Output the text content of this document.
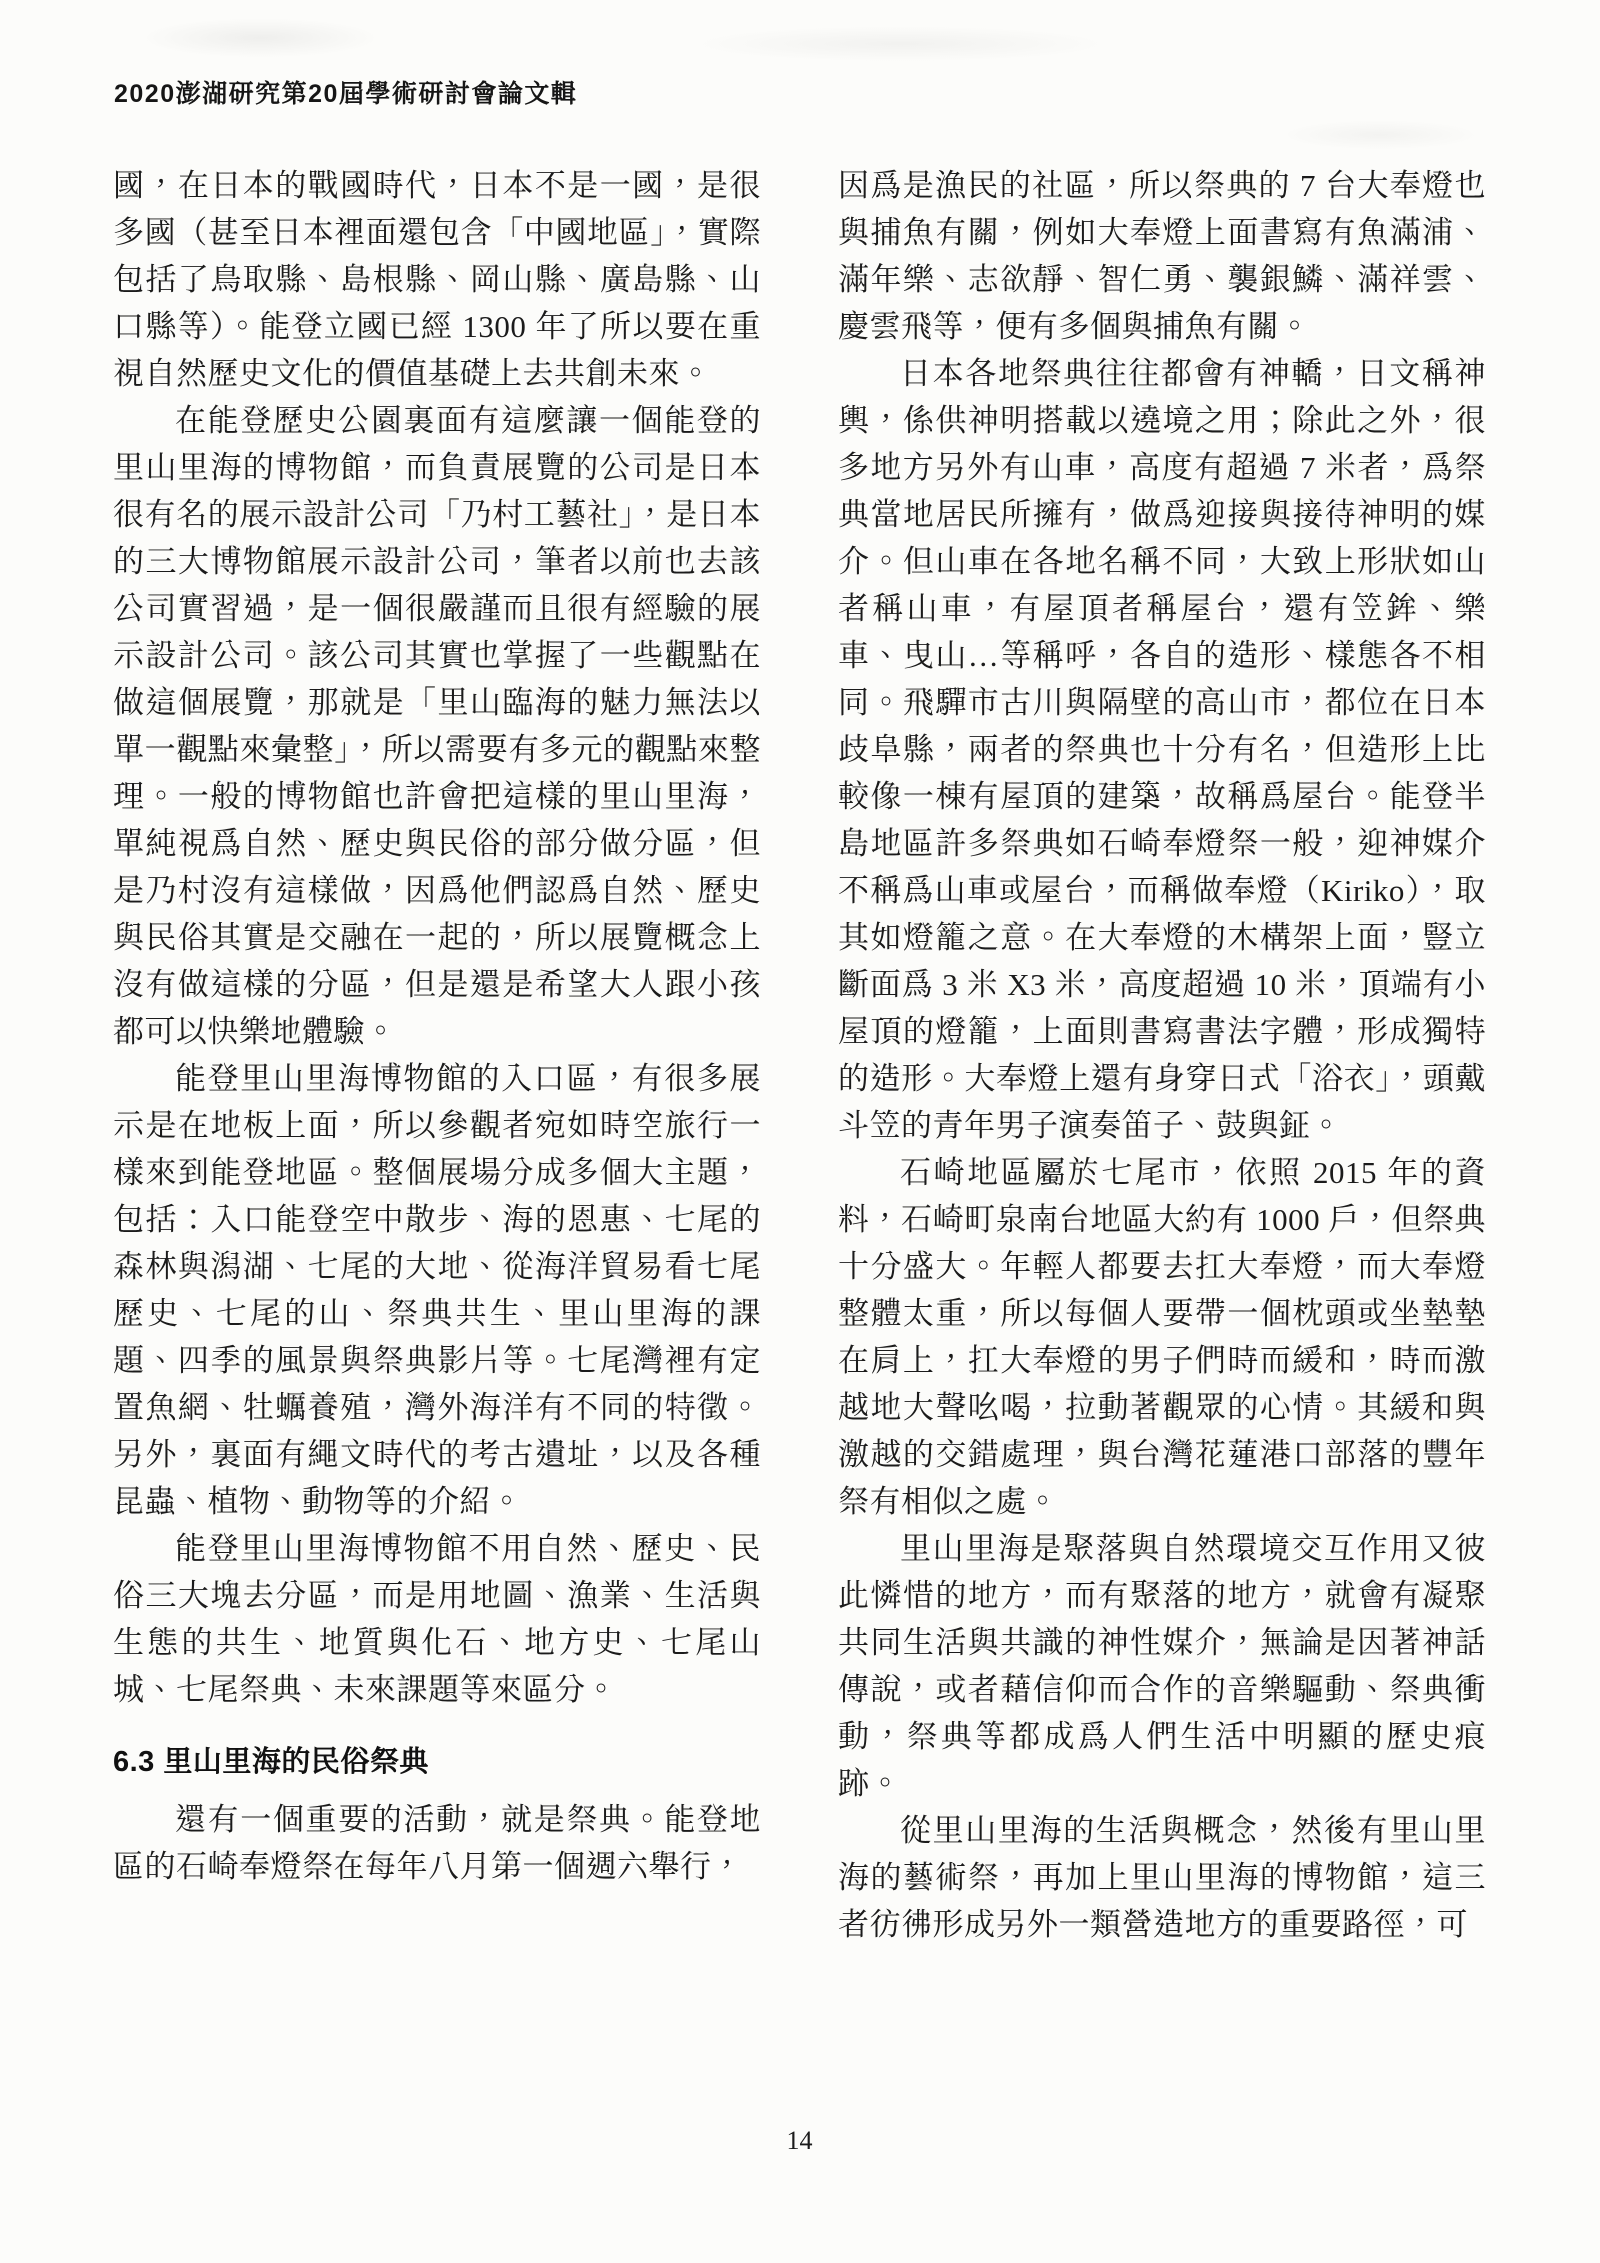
2020澎湖研究第20屆學術研討會論文輯

國，在日本的戰國時代，日本不是一國，是很多國（甚至日本裡面還包含「中國地區」，實際包括了鳥取縣、島根縣、岡山縣、廣島縣、山口縣等）。能登立國已經 1300 年了所以要在重視自然歷史文化的價值基礎上去共創未來。

在能登歷史公園裏面有這麼讓一個能登的里山里海的博物館，而負責展覽的公司是日本很有名的展示設計公司「乃村工藝社」，是日本的三大博物館展示設計公司，筆者以前也去該公司實習過，是一個很嚴謹而且很有經驗的展示設計公司。該公司其實也掌握了一些觀點在做這個展覽，那就是「里山臨海的魅力無法以單一觀點來彙整」，所以需要有多元的觀點來整理。一般的博物館也許會把這樣的里山里海，單純視爲自然、歷史與民俗的部分做分區，但是乃村沒有這樣做，因爲他們認爲自然、歷史與民俗其實是交融在一起的，所以展覽概念上沒有做這樣的分區，但是還是希望大人跟小孩都可以快樂地體驗。

能登里山里海博物館的入口區，有很多展示是在地板上面，所以參觀者宛如時空旅行一樣來到能登地區。整個展場分成多個大主題，包括：入口能登空中散步、海的恩惠、七尾的森林與潟湖、七尾的大地、從海洋貿易看七尾歷史、七尾的山、祭典共生、里山里海的課題、四季的風景與祭典影片等。七尾灣裡有定置魚網、牡蠣養殖，灣外海洋有不同的特徵。另外，裏面有繩文時代的考古遺址，以及各種昆蟲、植物、動物等的介紹。

能登里山里海博物館不用自然、歷史、民俗三大塊去分區，而是用地圖、漁業、生活與生態的共生、地質與化石、地方史、七尾山城、七尾祭典、未來課題等來區分。

6.3 里山里海的民俗祭典

還有一個重要的活動，就是祭典。能登地區的石崎奉燈祭在每年八月第一個週六舉行，

因爲是漁民的社區，所以祭典的 7 台大奉燈也與捕魚有關，例如大奉燈上面書寫有魚滿浦、滿年樂、志欲靜、智仁勇、襲銀鱗、滿祥雲、慶雲飛等，便有多個與捕魚有關。

日本各地祭典往往都會有神轎，日文稱神輿，係供神明搭載以遶境之用；除此之外，很多地方另外有山車，高度有超過 7 米者，爲祭典當地居民所擁有，做爲迎接與接待神明的媒介。但山車在各地名稱不同，大致上形狀如山者稱山車，有屋頂者稱屋台，還有笠鉾、樂車、曳山…等稱呼，各自的造形、樣態各不相同。飛驒市古川與隔壁的高山市，都位在日本歧阜縣，兩者的祭典也十分有名，但造形上比較像一棟有屋頂的建築，故稱爲屋台。能登半島地區許多祭典如石崎奉燈祭一般，迎神媒介不稱爲山車或屋台，而稱做奉燈（Kiriko），取其如燈籠之意。在大奉燈的木構架上面，豎立斷面爲 3 米 X3 米，高度超過 10 米，頂端有小屋頂的燈籠，上面則書寫書法字體，形成獨特的造形。大奉燈上還有身穿日式「浴衣」，頭戴斗笠的青年男子演奏笛子、鼓與鉦。

石崎地區屬於七尾市，依照 2015 年的資料，石崎町泉南台地區大約有 1000 戶，但祭典十分盛大。年輕人都要去扛大奉燈，而大奉燈整體太重，所以每個人要帶一個枕頭或坐墊墊在肩上，扛大奉燈的男子們時而緩和，時而激越地大聲吆喝，拉動著觀眾的心情。其緩和與激越的交錯處理，與台灣花蓮港口部落的豐年祭有相似之處。

里山里海是聚落與自然環境交互作用又彼此憐惜的地方，而有聚落的地方，就會有凝聚共同生活與共識的神性媒介，無論是因著神話傳說，或者藉信仰而合作的音樂驅動、祭典衝動，祭典等都成爲人們生活中明顯的歷史痕跡。

從里山里海的生活與概念，然後有里山里海的藝術祭，再加上里山里海的博物館，這三者彷彿形成另外一類營造地方的重要路徑，可

14
